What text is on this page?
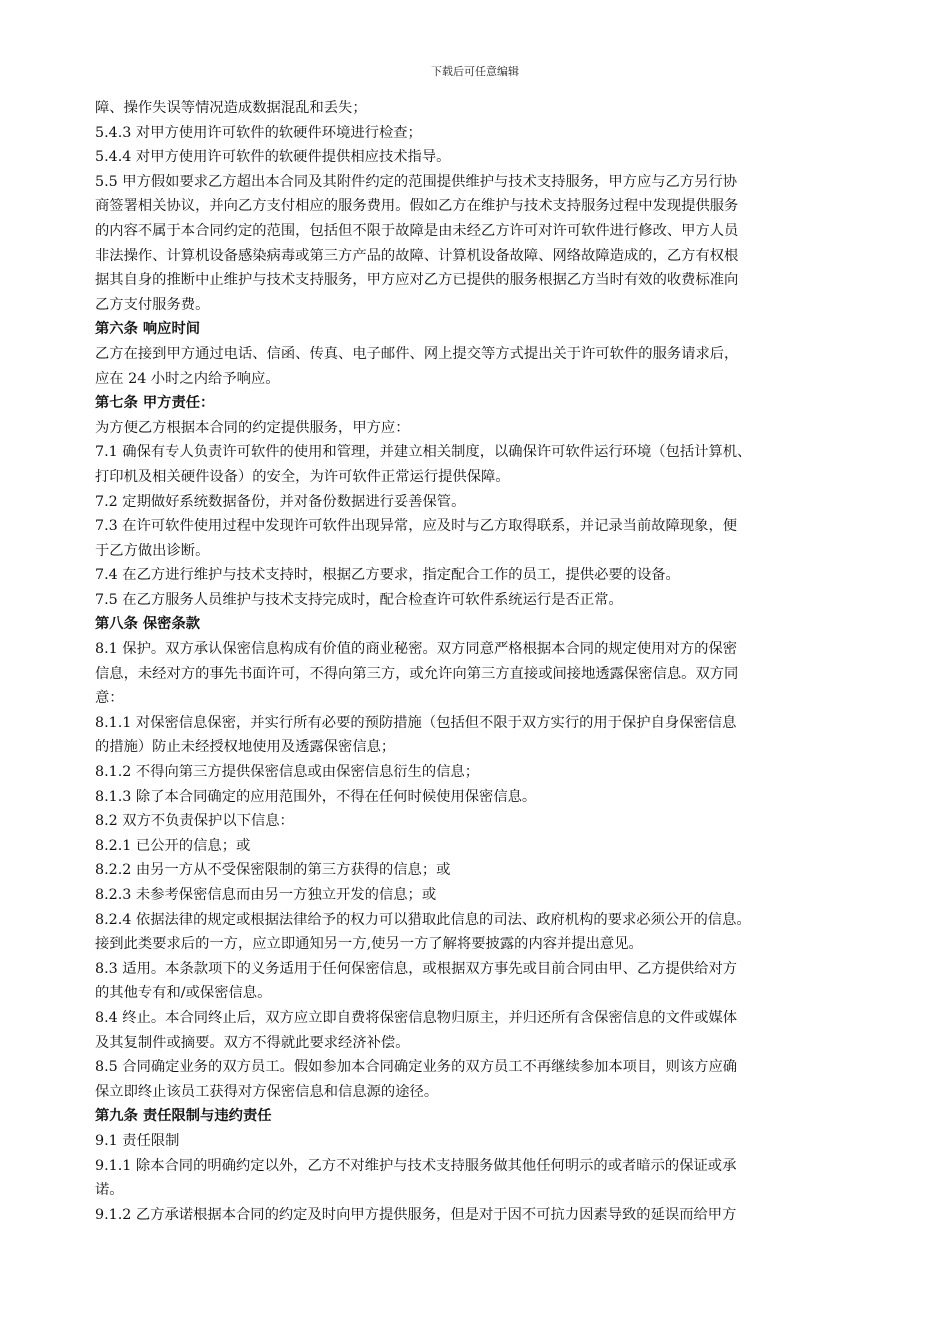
下载后可任意编辑
障、操作失误等情况造成数据混乱和丢失；
5.4.3 对甲方使用许可软件的软硬件环境进行检查；
5.4.4 对甲方使用许可软件的软硬件提供相应技术指导。
5.5 甲方假如要求乙方超出本合同及其附件约定的范围提供维护与技术支持服务，甲方应与乙方另行协
商签署相关协议，并向乙方支付相应的服务费用。假如乙方在维护与技术支持服务过程中发现提供服务
的内容不属于本合同约定的范围，包括但不限于故障是由未经乙方许可对许可软件进行修改、甲方人员
非法操作、计算机设备感染病毒或第三方产品的故障、计算机设备故障、网络故障造成的，乙方有权根
据其自身的推断中止维护与技术支持服务，甲方应对乙方已提供的服务根据乙方当时有效的收费标准向
乙方支付服务费。
第六条 响应时间
乙方在接到甲方通过电话、信函、传真、电子邮件、网上提交等方式提出关于许可软件的服务请求后，
应在 24 小时之内给予响应。
第七条 甲方责任：
为方便乙方根据本合同的约定提供服务，甲方应：
7.1 确保有专人负责许可软件的使用和管理，并建立相关制度，以确保许可软件运行环境（包括计算机、
打印机及相关硬件设备）的安全，为许可软件正常运行提供保障。
7.2 定期做好系统数据备份，并对备份数据进行妥善保管。
7.3 在许可软件使用过程中发现许可软件出现异常，应及时与乙方取得联系，并记录当前故障现象，便
于乙方做出诊断。
7.4 在乙方进行维护与技术支持时，根据乙方要求，指定配合工作的员工，提供必要的设备。
7.5 在乙方服务人员维护与技术支持完成时，配合检查许可软件系统运行是否正常。
第八条 保密条款
8.1 保护。双方承认保密信息构成有价值的商业秘密。双方同意严格根据本合同的规定使用对方的保密
信息，未经对方的事先书面许可，不得向第三方，或允许向第三方直接或间接地透露保密信息。双方同
意：
8.1.1 对保密信息保密，并实行所有必要的预防措施（包括但不限于双方实行的用于保护自身保密信息
的措施）防止未经授权地使用及透露保密信息；
8.1.2 不得向第三方提供保密信息或由保密信息衍生的信息；
8.1.3 除了本合同确定的应用范围外，不得在任何时候使用保密信息。
8.2 双方不负责保护以下信息：
8.2.1 已公开的信息；或
8.2.2 由另一方从不受保密限制的第三方获得的信息；或
8.2.3 未参考保密信息而由另一方独立开发的信息；或
8.2.4 依据法律的规定或根据法律给予的权力可以猎取此信息的司法、政府机构的要求必须公开的信息。
接到此类要求后的一方，应立即通知另一方,使另一方了解将要披露的内容并提出意见。
8.3 适用。本条款项下的义务适用于任何保密信息，或根据双方事先或目前合同由甲、乙方提供给对方
的其他专有和/或保密信息。
8.4 终止。本合同终止后，双方应立即自费将保密信息物归原主，并归还所有含保密信息的文件或媒体
及其复制件或摘要。双方不得就此要求经济补偿。
8.5 合同确定业务的双方员工。假如参加本合同确定业务的双方员工不再继续参加本项目，则该方应确
保立即终止该员工获得对方保密信息和信息源的途径。
第九条 责任限制与违约责任
9.1 责任限制
9.1.1 除本合同的明确约定以外，乙方不对维护与技术支持服务做其他任何明示的或者暗示的保证或承
诺。
9.1.2 乙方承诺根据本合同的约定及时向甲方提供服务，但是对于因不可抗力因素导致的延误而给甲方
